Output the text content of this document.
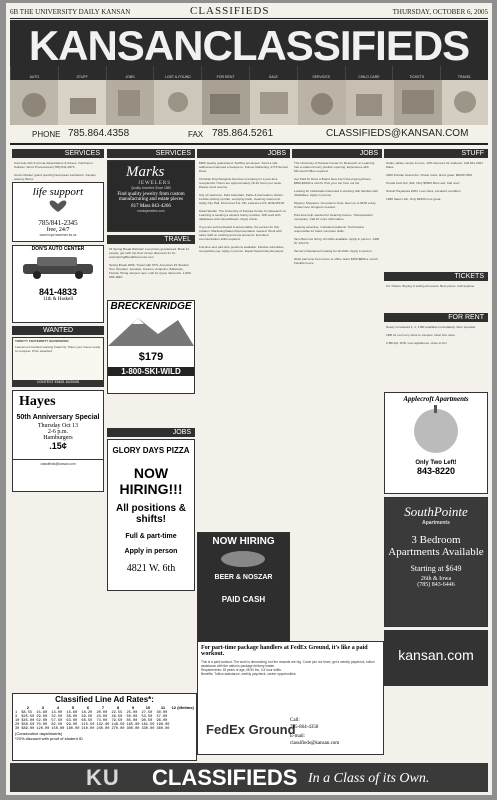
6B THE UNIVERSITY DAILY KANSAN	CLASSIFIEDS	THURSDAY, OCTOBER 6, 2005
KANSANCLASSIFIEDS
AUTO	STUFF	JOBS	LOST & FOUND	FOR RENT	SALE	SERVICES	CHILD CARE	TICKETS	TRAVEL
PHONE 785.864.4358	FAX 785.864.5261	CLASSIFIEDS@KANSAN.COM
SERVICES
Can help with & format dissertations & theses. Call Karen Sullivan. Word Processional (785) 841-0973.

Gina's Marker grand opening! European Aesthetics. Facials, waxing, Botox.
life support
785/841-2345
free, 24/7
www.hope.lawrence.ks.us
DON'S AUTO CENTER
841-4833
11th & Haskell
WANTED
THRIFTY FRATERNITY SHOWDOWN
Lawrence's hardest working fraternity. Show your house ready to compete. Prize awarded.
CONTEST ENDS 10/20/05
Hayes
50th Anniversary Special
Thursday Oct 13
2-6 p.m.
Hamburgers
.15¢
classifieds@kansan.com
SERVICES
Marks
JEWELERS
Quality Jewelers Since 1880
Find quality jewelry from custom manufacturing and estate pieces
817 Mass 843-4266
marksjewelers.com
TRAVEL
#1 Spring Break Website! Low prices guaranteed. Book 11 people, get 12th trip free! Group discounts for 8+. www.SpringBreakDiscounts.com

Spring Break 2006. Travel with STS. America's #1 Student Tour Operator. Jamaica, Cancun, Acapulco, Bahamas, Florida. Hiring campus reps. Call for group discounts. 1-800-648-4849.
BRECKENRIDGE
$179
1-800-SKI-WILD
JOBS
GLORY DAYS PIZZA
NOW HIRING!!!
All positions & shifts!
Full & part-time
Apply in person
4821 W. 6th
JOBS
$600 weekly guaranteed. Stuffing envelopes. Send a self-addressed stamped envelope to: Sunset Marketing, 2715 Sunset Drive.

Christian Psychological Services is looking for a part-time receptionist. Hours are approximately 15-20 hours per week. Please send resume.

City of Lawrence. Park Attendant, Parks & Recreation. Duties include picking up litter, emptying trash, cleaning restrooms. Apply City Hall, Personnel 6 E. 6th, Lawrence KS. EOE M/F/D.

Data Handler. The University of Kansas Center for Research on Learning is seeking a student hourly position. Will work with databases and spreadsheets. Apply online.

If you are self-motivated & accountable, the person for this position. Marketing/Sales Representative needed. Work with sales staff on existing and new accounts. Excellent communication skills required.

Full-time and part-time positions available. Flexible schedules, competitive pay. Apply in person. Equal Opportunity Employer.
NOW HIRING
BEER & NOSZAR
PAID CASH
JOBS
The University of Kansas Center for Research on Learning has a student hourly position opening. Experience with Microsoft Office required.

Get Paid To Drive a Brand New Car! Now paying drivers $800-$3200 a month. Pick your car from our list.

Looking for individuals interested in working with families with disabilities. Apply in person.

Mystery Shoppers. Get paid to shop. Earn up to $150 a day. Undercover shoppers needed.

Part-time help needed for cleaning homes. Transportation necessary. Call for more information.

Seeking assertive, motivated students. Technicians responsible for basic computer skills.

Taco Bell now hiring. All shifts available. Apply in person, 1408 W. 23rd St.

Tanner's Restaurant looking for all shifts. Apply in person.

Work part-time from home or office. Earn $300-$800 a month. Flexible hours.
For part-time package handlers at FedEx Ground, it's like a paid workout.
This is a paid workout. The work is demanding, but the rewards are big. Come join our team, get a weekly paycheck, tuition assistance with the nation's package delivery leader.
Requirements: 18 years of age, lift 50 lbs, 3-5 hour shifts.
Benefits: Tuition assistance, weekly paycheck, career opportunities.
FedEx Ground
Call:
785-864-4358
E-mail:
classifieds@kansan.com
STUFF
Sofas, tables, lamps & more. 10% discount for students. Call 841-2021 Mass.

2000 Pontiac Grand Am. Power locks. Runs great. $4000 OBO.

Honda Civic EX, 90k. Only $5500 Must sell. Call now!

Suzuki Hayabusa 2003. Low miles, excellent condition.

1999 Saturn 4dr. Only $2500 runs great.
TICKETS
KU Tickets. Buying & selling all events. Best prices. Call anytime.
FOR RENT
Newly remodeled 1, 2, 3 BR available immediately. Rent specials.

1BR for rent very close to campus. Near bus route.

2 BR Apt. W/D, new appliances, close to KU.
Applecroft Apartments
Only Two Left!
843-8220
SouthPointe
Apartments
3 Bedroom Apartments Available
Starting at $649
26th & Iowa
(785) 843-6446
kansan.com
Classified Line Ad Rates*:
	2	3	4	5	6	7	8	9	10	11	12 (lifetime)
1	$8.55	15.80	13.00	15.60	18.20	20.00	22.55	25.00	27.50	30.00	
3	$25.50	29.00	32.50	36.00	39.50	43.00	46.50	50.00	53.50	57.00	
10	$45.00	52.00	57.50	63.00	68.50	74.00	79.50	85.00	90.50	96.00	
20	$58.50	70.00	82.50	99.00	115.50	132.00	148.50	165.00	181.50	198.00	
30	$89.00	120.00	150.00	180.00	210.00	240.00	270.00	300.00	330.00	360.00	
(Consecutive days/inserts)
*20% discount with proof of student ID
KU CLASSIFIEDS In a Class of its Own.
